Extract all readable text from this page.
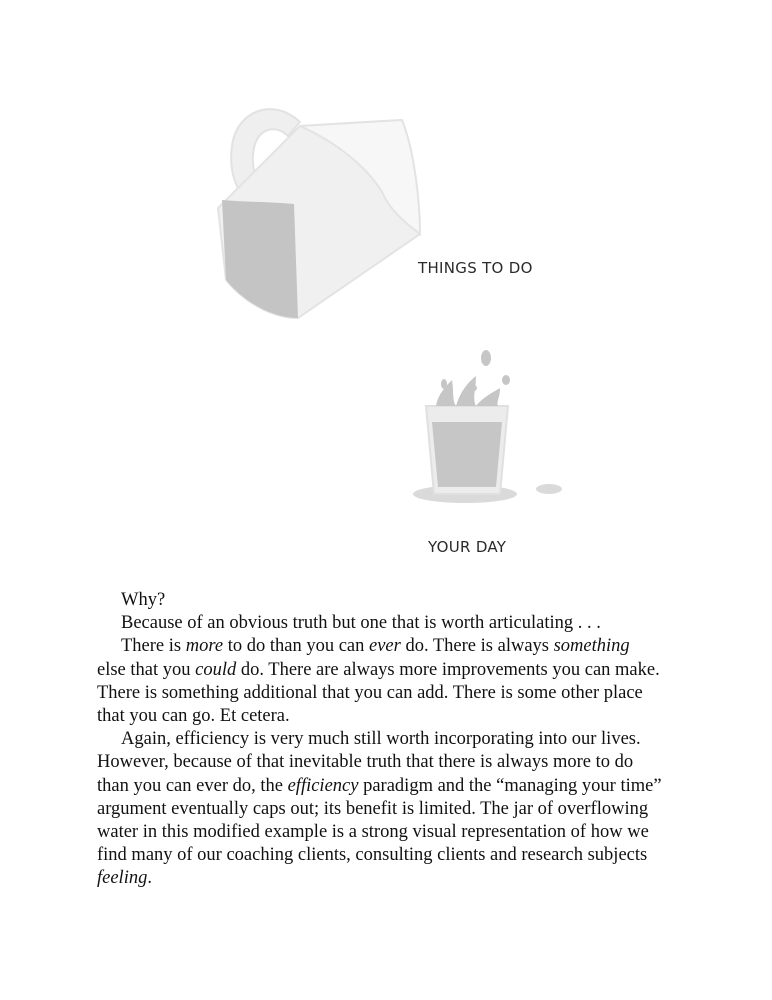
THINGS TO DO
YOUR DAY

Why?

Because of an obvious truth but one that is worth articulating . . .

There is more to do than you can ever do. There is always something

else that you could do. There are always more improvements you can make.

There is something additional that you can add. There is some other place

that you can go. Et cetera.

Again, efficiency is very much still worth incorporating into our lives.

However, because of that inevitable truth that there is always more to do

than you can ever do, the efficiency paradigm and the “managing your time”

argument eventually caps out; its benefit is limited. The jar of overflowing

water in this modified example is a strong visual representation of how we

find many of our coaching clients, consulting clients and research subjects

feeling.
